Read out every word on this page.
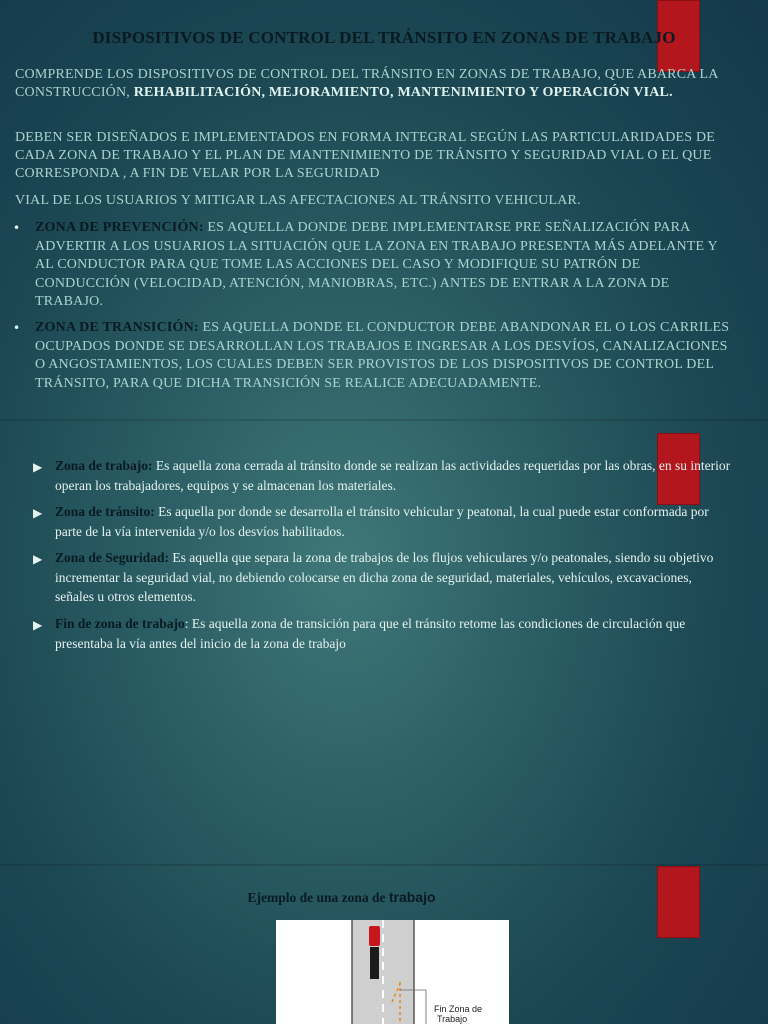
DISPOSITIVOS DE CONTROL DEL TRÁNSITO EN ZONAS DE TRABAJO
COMPRENDE LOS DISPOSITIVOS DE CONTROL DEL TRÁNSITO EN ZONAS DE TRABAJO, QUE ABARCA LA CONSTRUCCIÓN, REHABILITACIÓN, MEJORAMIENTO, MANTENIMIENTO Y OPERACIÓN VIAL.
DEBEN SER DISEÑADOS E IMPLEMENTADOS EN FORMA INTEGRAL SEGÚN LAS PARTICULARIDADES DE CADA ZONA DE TRABAJO Y EL PLAN DE MANTENIMIENTO DE TRÁNSITO Y SEGURIDAD VIAL O EL QUE CORRESPONDA , A FIN DE VELAR POR LA SEGURIDAD
VIAL DE LOS USUARIOS Y MITIGAR LAS AFECTACIONES AL TRÁNSITO VEHICULAR.
• ZONA DE PREVENCIÓN: ES AQUELLA DONDE DEBE IMPLEMENTARSE PRE SEÑALIZACIÓN PARA ADVERTIR A LOS USUARIOS LA SITUACIÓN QUE LA ZONA EN TRABAJO PRESENTA MÁS ADELANTE Y AL CONDUCTOR PARA QUE TOME LAS ACCIONES DEL CASO Y MODIFIQUE SU PATRÓN DE CONDUCCIÓN (VELOCIDAD, ATENCIÓN, MANIOBRAS, ETC.) ANTES DE ENTRAR A LA ZONA DE TRABAJO.
• ZONA DE TRANSICIÓN: ES AQUELLA DONDE EL CONDUCTOR DEBE ABANDONAR EL O LOS CARRILES OCUPADOS DONDE SE DESARROLLAN LOS TRABAJOS E INGRESAR A LOS DESVÍOS, CANALIZACIONES O ANGOSTAMIENTOS, LOS CUALES DEBEN SER PROVISTOS DE LOS DISPOSITIVOS DE CONTROL DEL TRÁNSITO, PARA QUE DICHA TRANSICIÓN SE REALICE ADECUADAMENTE.
▶ Zona de trabajo: Es aquella zona cerrada al tránsito donde se realizan las actividades requeridas por las obras, en su interior operan los trabajadores, equipos y se almacenan los materiales.
▶ Zona de tránsito: Es aquella por donde se desarrolla el tránsito vehicular y peatonal, la cual puede estar conformada por parte de la vía intervenida y/o los desvíos habilitados.
▶ Zona de Seguridad: Es aquella que separa la zona de trabajos de los flujos vehiculares y/o peatonales, siendo su objetivo incrementar la seguridad vial, no debiendo colocarse en dicha zona de seguridad, materiales, vehículos, excavaciones, señales u otros elementos.
▶ Fin de zona de trabajo: Es aquella zona de transición para que el tránsito retome las condiciones de circulación que presentaba la vía antes del inicio de la zona de trabajo
Ejemplo de una zona de trabajo
Fin Zona de
Trabajo
